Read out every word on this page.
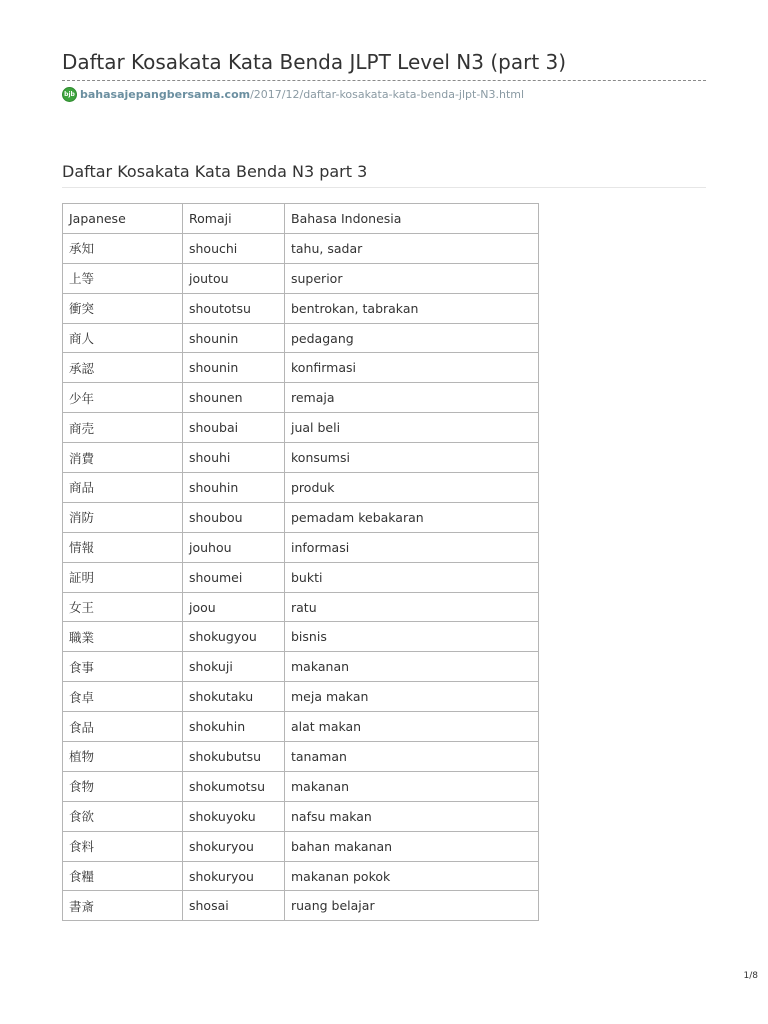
Daftar Kosakata Kata Benda JLPT Level N3 (part 3)
bjb bahasajepangbersama.com /2017/12/daftar-kosakata-kata-benda-jlpt-N3.html
Daftar Kosakata Kata Benda N3 part 3
Japanese	Romaji	Bahasa Indonesia
承知	shouchi	tahu, sadar
上等	joutou	superior
衝突	shoutotsu	bentrokan, tabrakan
商人	shounin	pedagang
承認	shounin	konfirmasi
少年	shounen	remaja
商売	shoubai	jual beli
消費	shouhi	konsumsi
商品	shouhin	produk
消防	shoubou	pemadam kebakaran
情報	jouhou	informasi
証明	shoumei	bukti
女王	joou	ratu
職業	shokugyou	bisnis
食事	shokuji	makanan
食卓	shokutaku	meja makan
食品	shokuhin	alat makan
植物	shokubutsu	tanaman
食物	shokumotsu	makanan
食欲	shokuyoku	nafsu makan
食料	shokuryou	bahan makanan
食糧	shokuryou	makanan pokok
書斎	shosai	ruang belajar
1/8
